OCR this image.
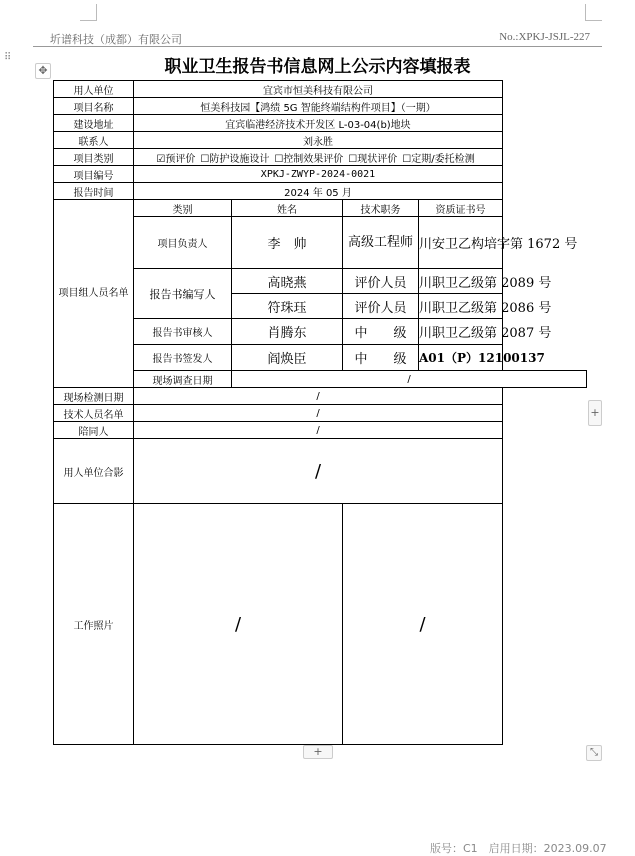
圻谱科技（成都）有限公司	No.:XPKJ-JSJL-227
⠿
✥	职业卫生报告书信息网上公示内容填报表
用人单位	宜宾市恒美科技有限公司			
项目名称	恒美科技园【鸿绩 5G 智能终端结构件项目】（一期）			
建设地址	宜宾临港经济技术开发区 L-03-04(b)地块			
联系人	刘永胜			
项目类别	☑预评价 ☐防护设施设计 ☐控制效果评价 ☐现状评价 ☐定期/委托检测			
项目编号	XPKJ-ZWYP-2024-0021			
报告时间	2024 年 05 月			
项目组人员名单	类别	姓名	技术职务	资质证书号
	项目负责人	李　帅	高级工程师	川安卫乙构培字第 1672 号
	报告书编写人	高晓燕	评价人员	川职卫乙级第 2089 号
		符珠珏	评价人员	川职卫乙级第 2086 号
	报告书审核人	肖腾东	中　　级	川职卫乙级第 2087 号
	报告书签发人	阎焕臣	中　　级	A01（P）12100137
	现场调查日期	/		
现场检测日期	/			
技术人员名单	/			
陪同人	/			
用人单位合影	/			
工作照片	/		/	
+
+
⤡
版号：C1　启用日期：2023.09.07
